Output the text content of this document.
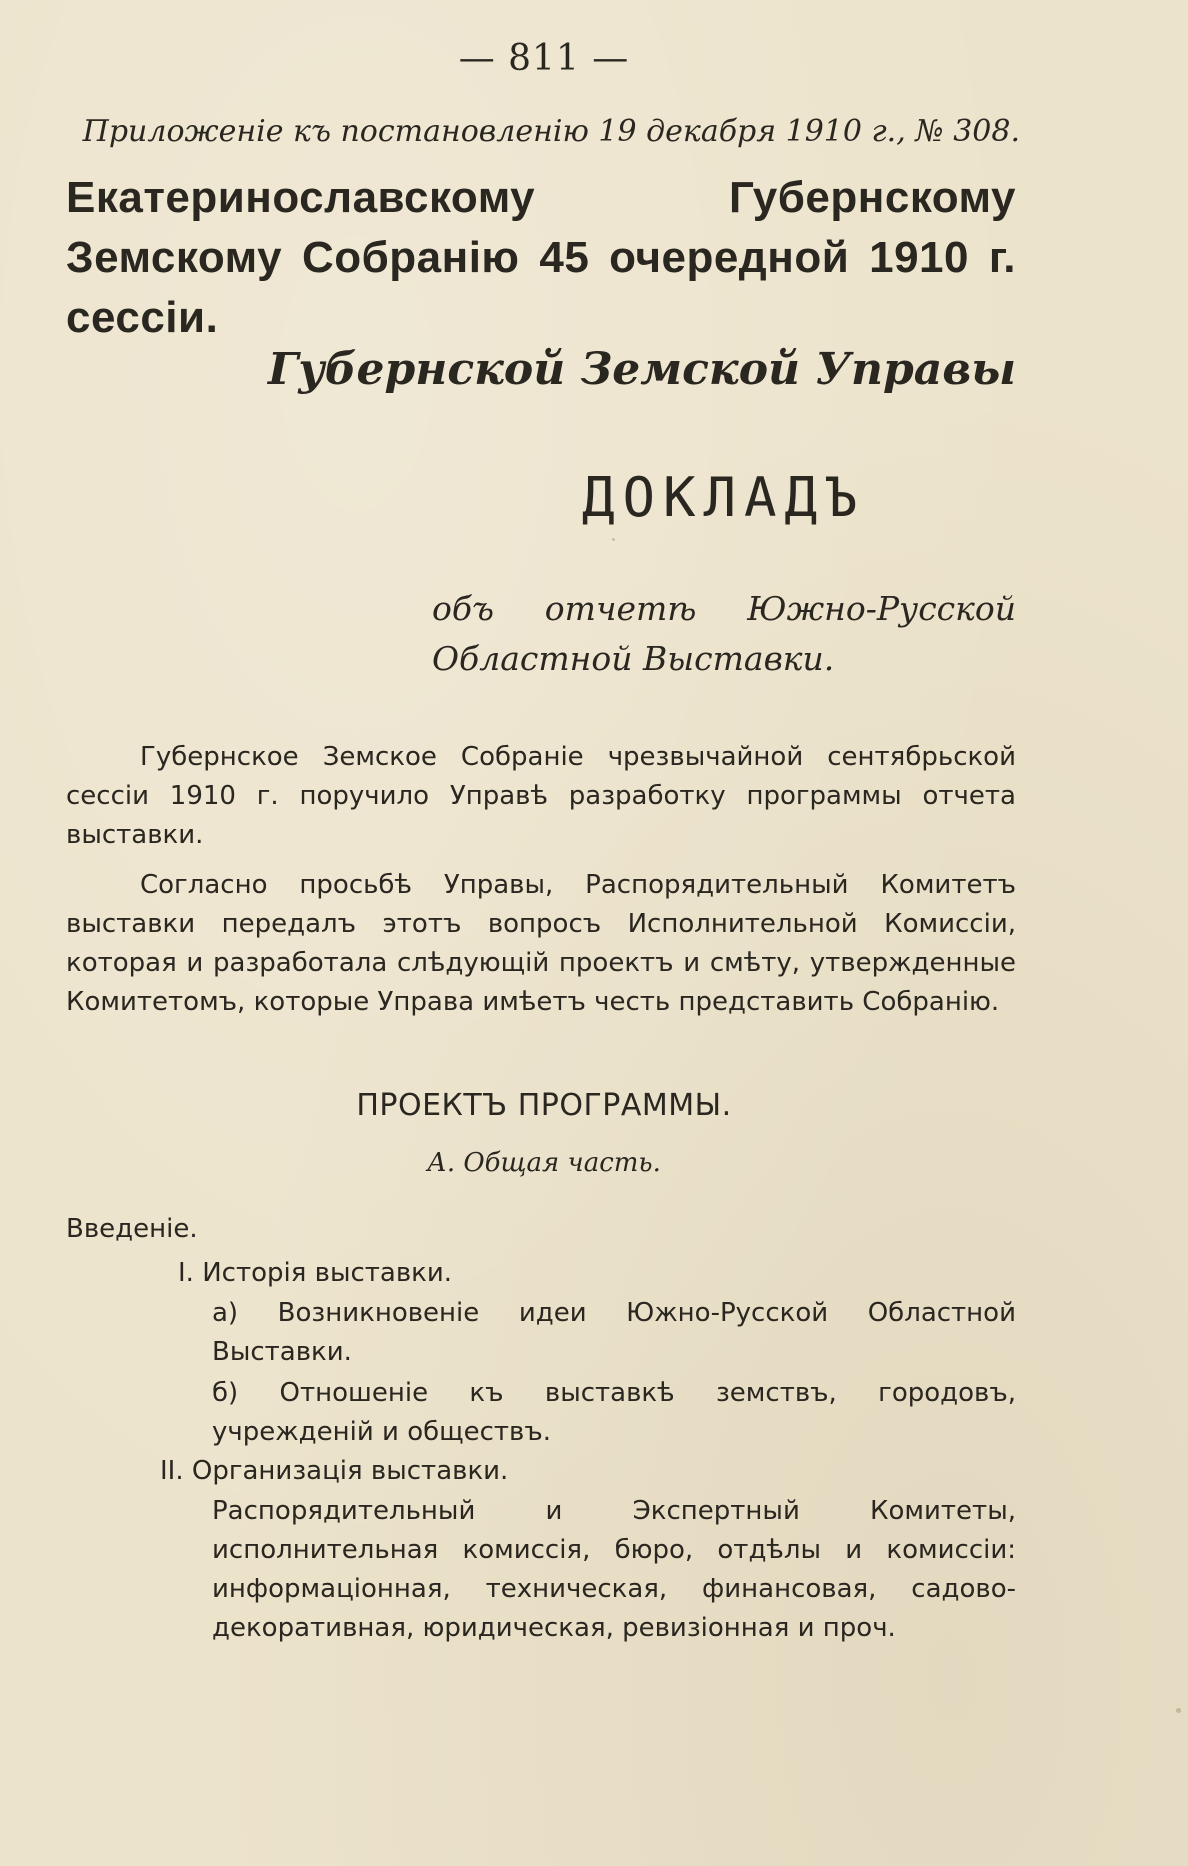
— 811 —
Приложенiе къ постановленiю 19 декабря 1910 г., № 308.
Екатеринославскому Губернскому Земскому Собранiю 45 очередной 1910 г. сессiи.
Губернской Земской Управы
ДОКЛАДЪ
объ отчетѣ Южно-Русской Областной Выставки.

Губернское Земское Собранiе чрезвычайной сентябрьской сессiи 1910 г. поручило Управѣ разработку программы отчета выставки.

Согласно просьбѣ Управы, Распорядительный Комитетъ выставки передалъ этотъ вопросъ Исполнительной Комиссiи, которая и разработала слѣдующiй проектъ и смѣту, утвержденные Комитетомъ, которые Управа имѣетъ честь представить Собранiю.

ПРОЕКТЪ ПРОГРАММЫ.
А. Общая часть.
Введенiе.
I. Исторiя выставки.
а) Возникновенiе идеи Южно-Русской Областной Выставки.
б) Отношенiе къ выставкѣ земствъ, городовъ, учрежденiй и обществъ.
II. Организацiя выставки.
Распорядительный и Экспертный Комитеты, исполнительная комиссiя, бюро, отдѣлы и комиссiи: информацiонная, техническая, финансовая, садово-декоративная, юридическая, ревизiонная и проч.
